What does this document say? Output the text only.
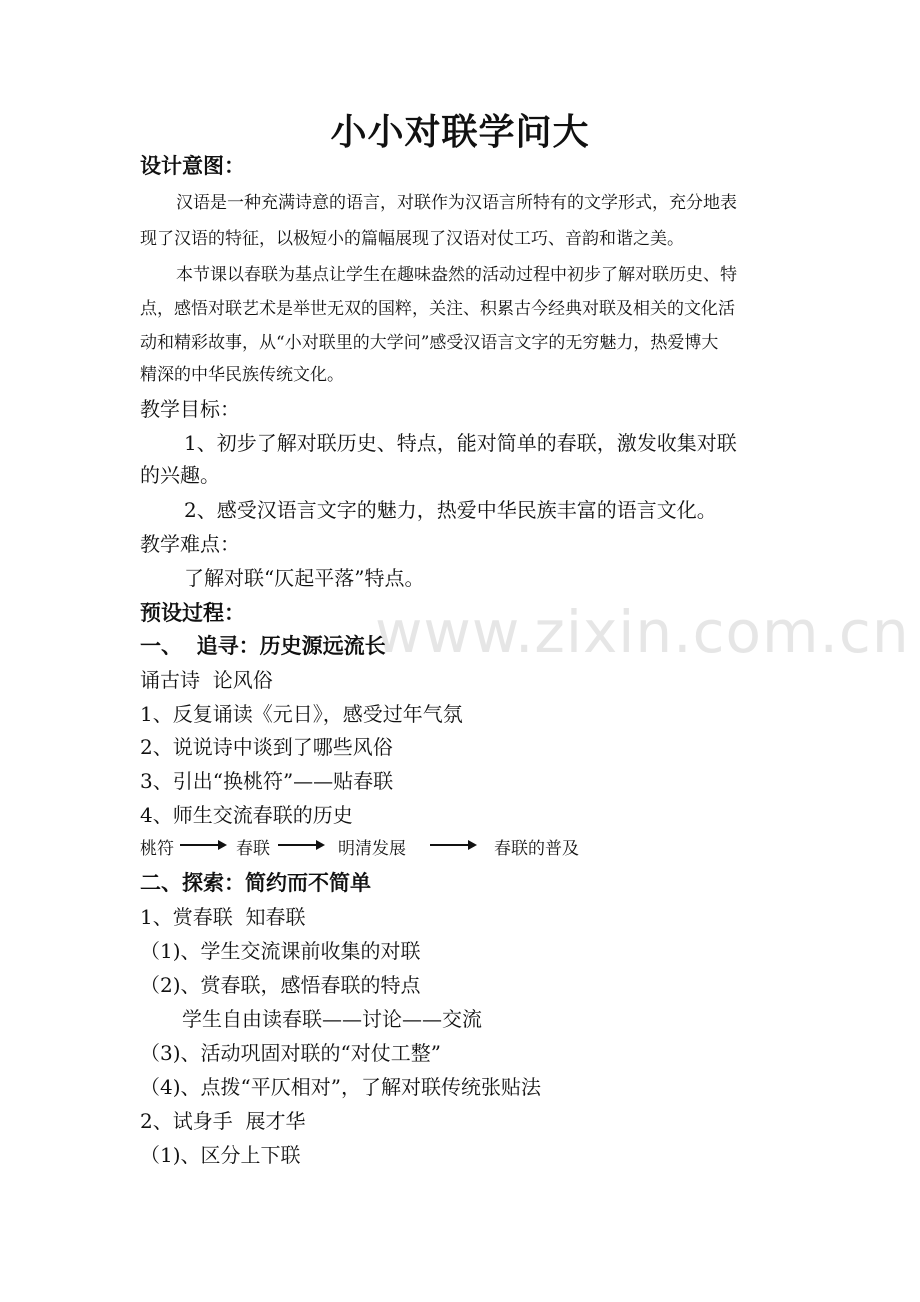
www.zixin.com.cn
小小对联学问大
设计意图：
汉语是一种充满诗意的语言，对联作为汉语言所特有的文学形式，充分地表
现了汉语的特征，以极短小的篇幅展现了汉语对仗工巧、音韵和谐之美。
本节课以春联为基点让学生在趣味盎然的活动过程中初步了解对联历史、特
点，感悟对联艺术是举世无双的国粹，关注、积累古今经典对联及相关的文化活
动和精彩故事，从“小对联里的大学问”感受汉语言文字的无穷魅力，热爱博大
精深的中华民族传统文化。
教学目标：
1、初步了解对联历史、特点，能对简单的春联，激发收集对联
的兴趣。
2、感受汉语言文字的魅力，热爱中华民族丰富的语言文化。
教学难点：
了解对联“仄起平落”特点。
预设过程：
一、  追寻：历史源远流长
诵古诗  论风俗
1、反复诵读《元日》，感受过年气氛
2、说说诗中谈到了哪些风俗
3、引出“换桃符”——贴春联
4、师生交流春联的历史
桃符	春联	明清发展	春联的普及
二、探索：简约而不简单
1、赏春联  知春联
（1)、学生交流课前收集的对联
（2)、赏春联，感悟春联的特点
学生自由读春联——讨论——交流
（3)、活动巩固对联的“对仗工整”
（4)、点拨“平仄相对”，了解对联传统张贴法
2、试身手  展才华
（1)、区分上下联
